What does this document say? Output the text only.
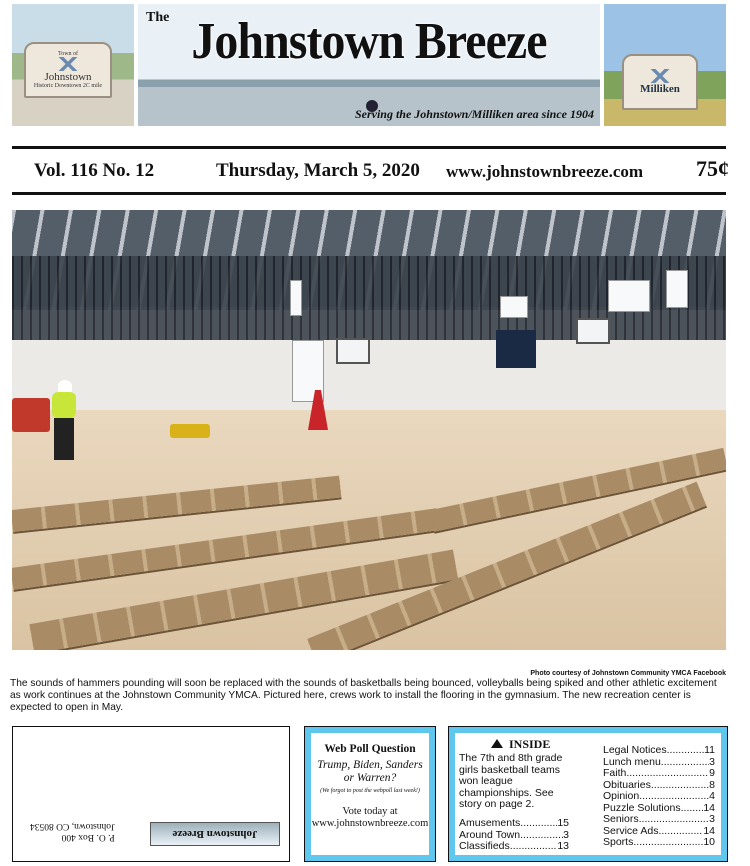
Town of
Johnstown
Historic Downtown 2C mile
The Johnstown Breeze
Serving the Johnstown/Milliken area since 1904
Milliken
Vol. 116 No. 12	Thursday, March 5, 2020 www.johnstownbreeze.com 75¢
Photo courtesy of Johnstown Community YMCA Facebook
The sounds of hammers pounding will soon be replaced with the sounds of basketballs being bounced, volleyballs being spiked and other athletic excitement as work continues at the Johnstown Community YMCA. Pictured here, crews work to install the flooring in the gymnasium. The new recreation center is expected to open in May.
P. O. Box 400
Johnstown, CO 80534
Johnstown Breeze
Web Poll Question
Trump, Biden, Sanders or Warren?
(We forgot to post the webpoll last week!)
Vote today at
www.johnstownbreeze.com
INSIDE
The 7th and 8th grade girls basketball teams won league championships. See story on page 2.
Amusements .....	15
Around Town .....	3
Classifieds .....	13
Legal Notices .....	11
Lunch menu .....	3
Faith .....	9
Obituaries .....	8
Opinion .....	4
Puzzle Solutions ..... 14
Seniors .....	3
Service Ads .....	14
Sports .....	10
